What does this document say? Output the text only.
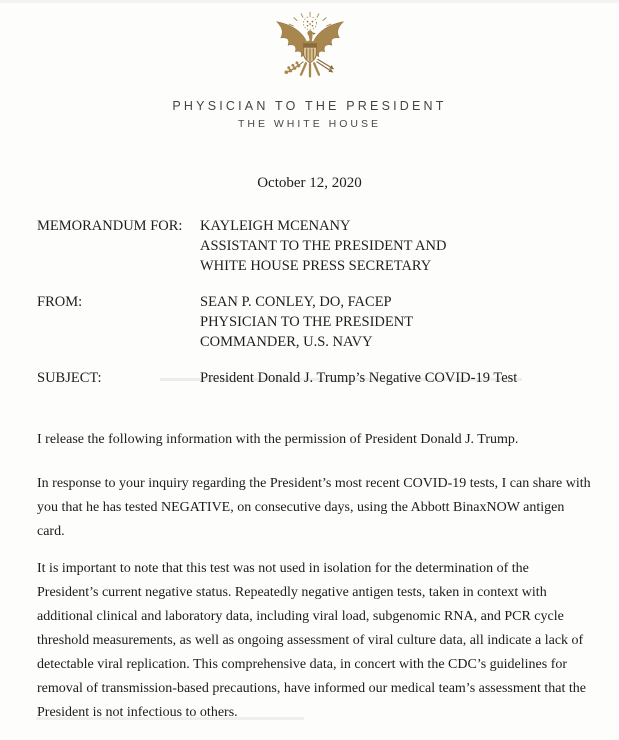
PHYSICIAN TO THE PRESIDENT
THE WHITE HOUSE
October 12, 2020
MEMORANDUM FOR:	KAYLEIGH MCENANY
ASSISTANT TO THE PRESIDENT AND
WHITE HOUSE PRESS SECRETARY
FROM:	SEAN P. CONLEY, DO, FACEP
PHYSICIAN TO THE PRESIDENT
COMMANDER, U.S. NAVY
SUBJECT:	President Donald J. Trump’s Negative COVID-19 Test

I release the following information with the permission of President Donald J. Trump.

In response to your inquiry regarding the President’s most recent COVID-19 tests, I can share with you that he has tested NEGATIVE, on consecutive days, using the Abbott BinaxNOW antigen card.

It is important to note that this test was not used in isolation for the determination of the President’s current negative status. Repeatedly negative antigen tests, taken in context with additional clinical and laboratory data, including viral load, subgenomic RNA, and PCR cycle threshold measurements, as well as ongoing assessment of viral culture data, all indicate a lack of detectable viral replication. This comprehensive data, in concert with the CDC’s guidelines for removal of transmission-based precautions, have informed our medical team’s assessment that the President is not infectious to others.
